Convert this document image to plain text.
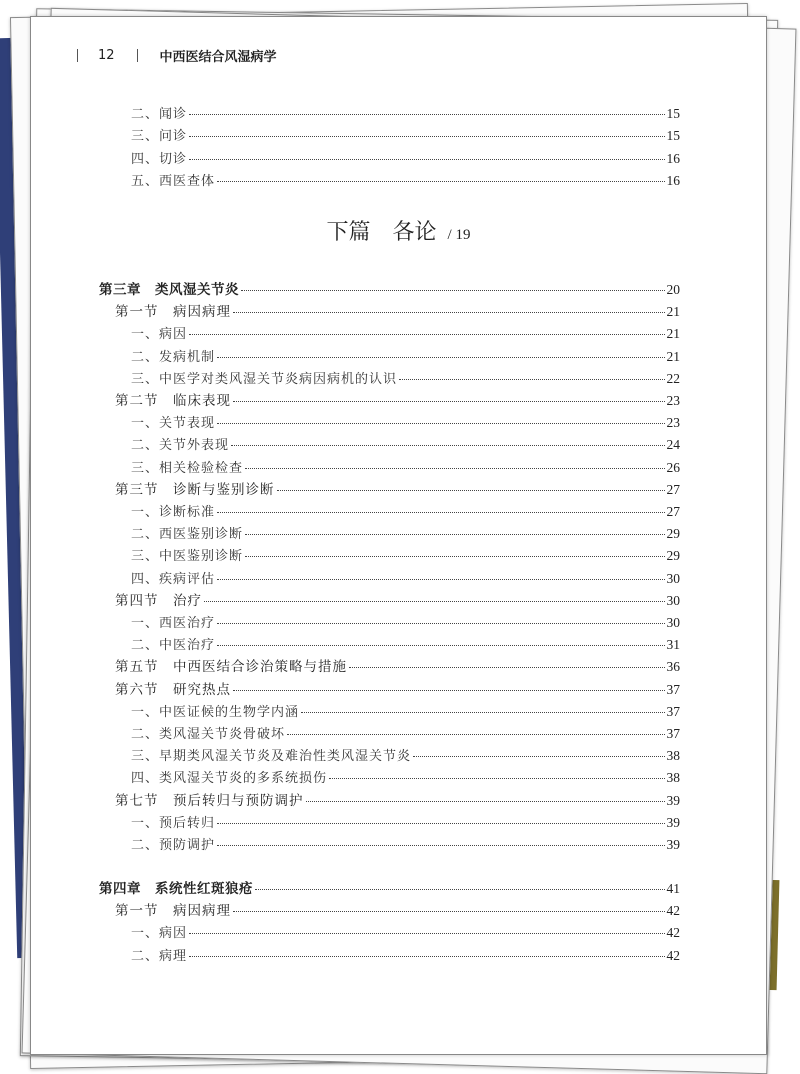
12	中西医结合风湿病学
二、闻诊	15
三、问诊	15
四、切诊	16
五、西医查体	16
下篇　各论 / 19
第三章　类风湿关节炎	20
第一节　病因病理	21
一、病因	21
二、发病机制	21
三、中医学对类风湿关节炎病因病机的认识	22
第二节　临床表现	23
一、关节表现	23
二、关节外表现	24
三、相关检验检查	26
第三节　诊断与鉴别诊断	27
一、诊断标准	27
二、西医鉴别诊断	29
三、中医鉴别诊断	29
四、疾病评估	30
第四节　治疗	30
一、西医治疗	30
二、中医治疗	31
第五节　中西医结合诊治策略与措施	36
第六节　研究热点	37
一、中医证候的生物学内涵	37
二、类风湿关节炎骨破坏	37
三、早期类风湿关节炎及难治性类风湿关节炎	38
四、类风湿关节炎的多系统损伤	38
第七节　预后转归与预防调护	39
一、预后转归	39
二、预防调护	39
第四章　系统性红斑狼疮	41
第一节　病因病理	42
一、病因	42
二、病理	42
